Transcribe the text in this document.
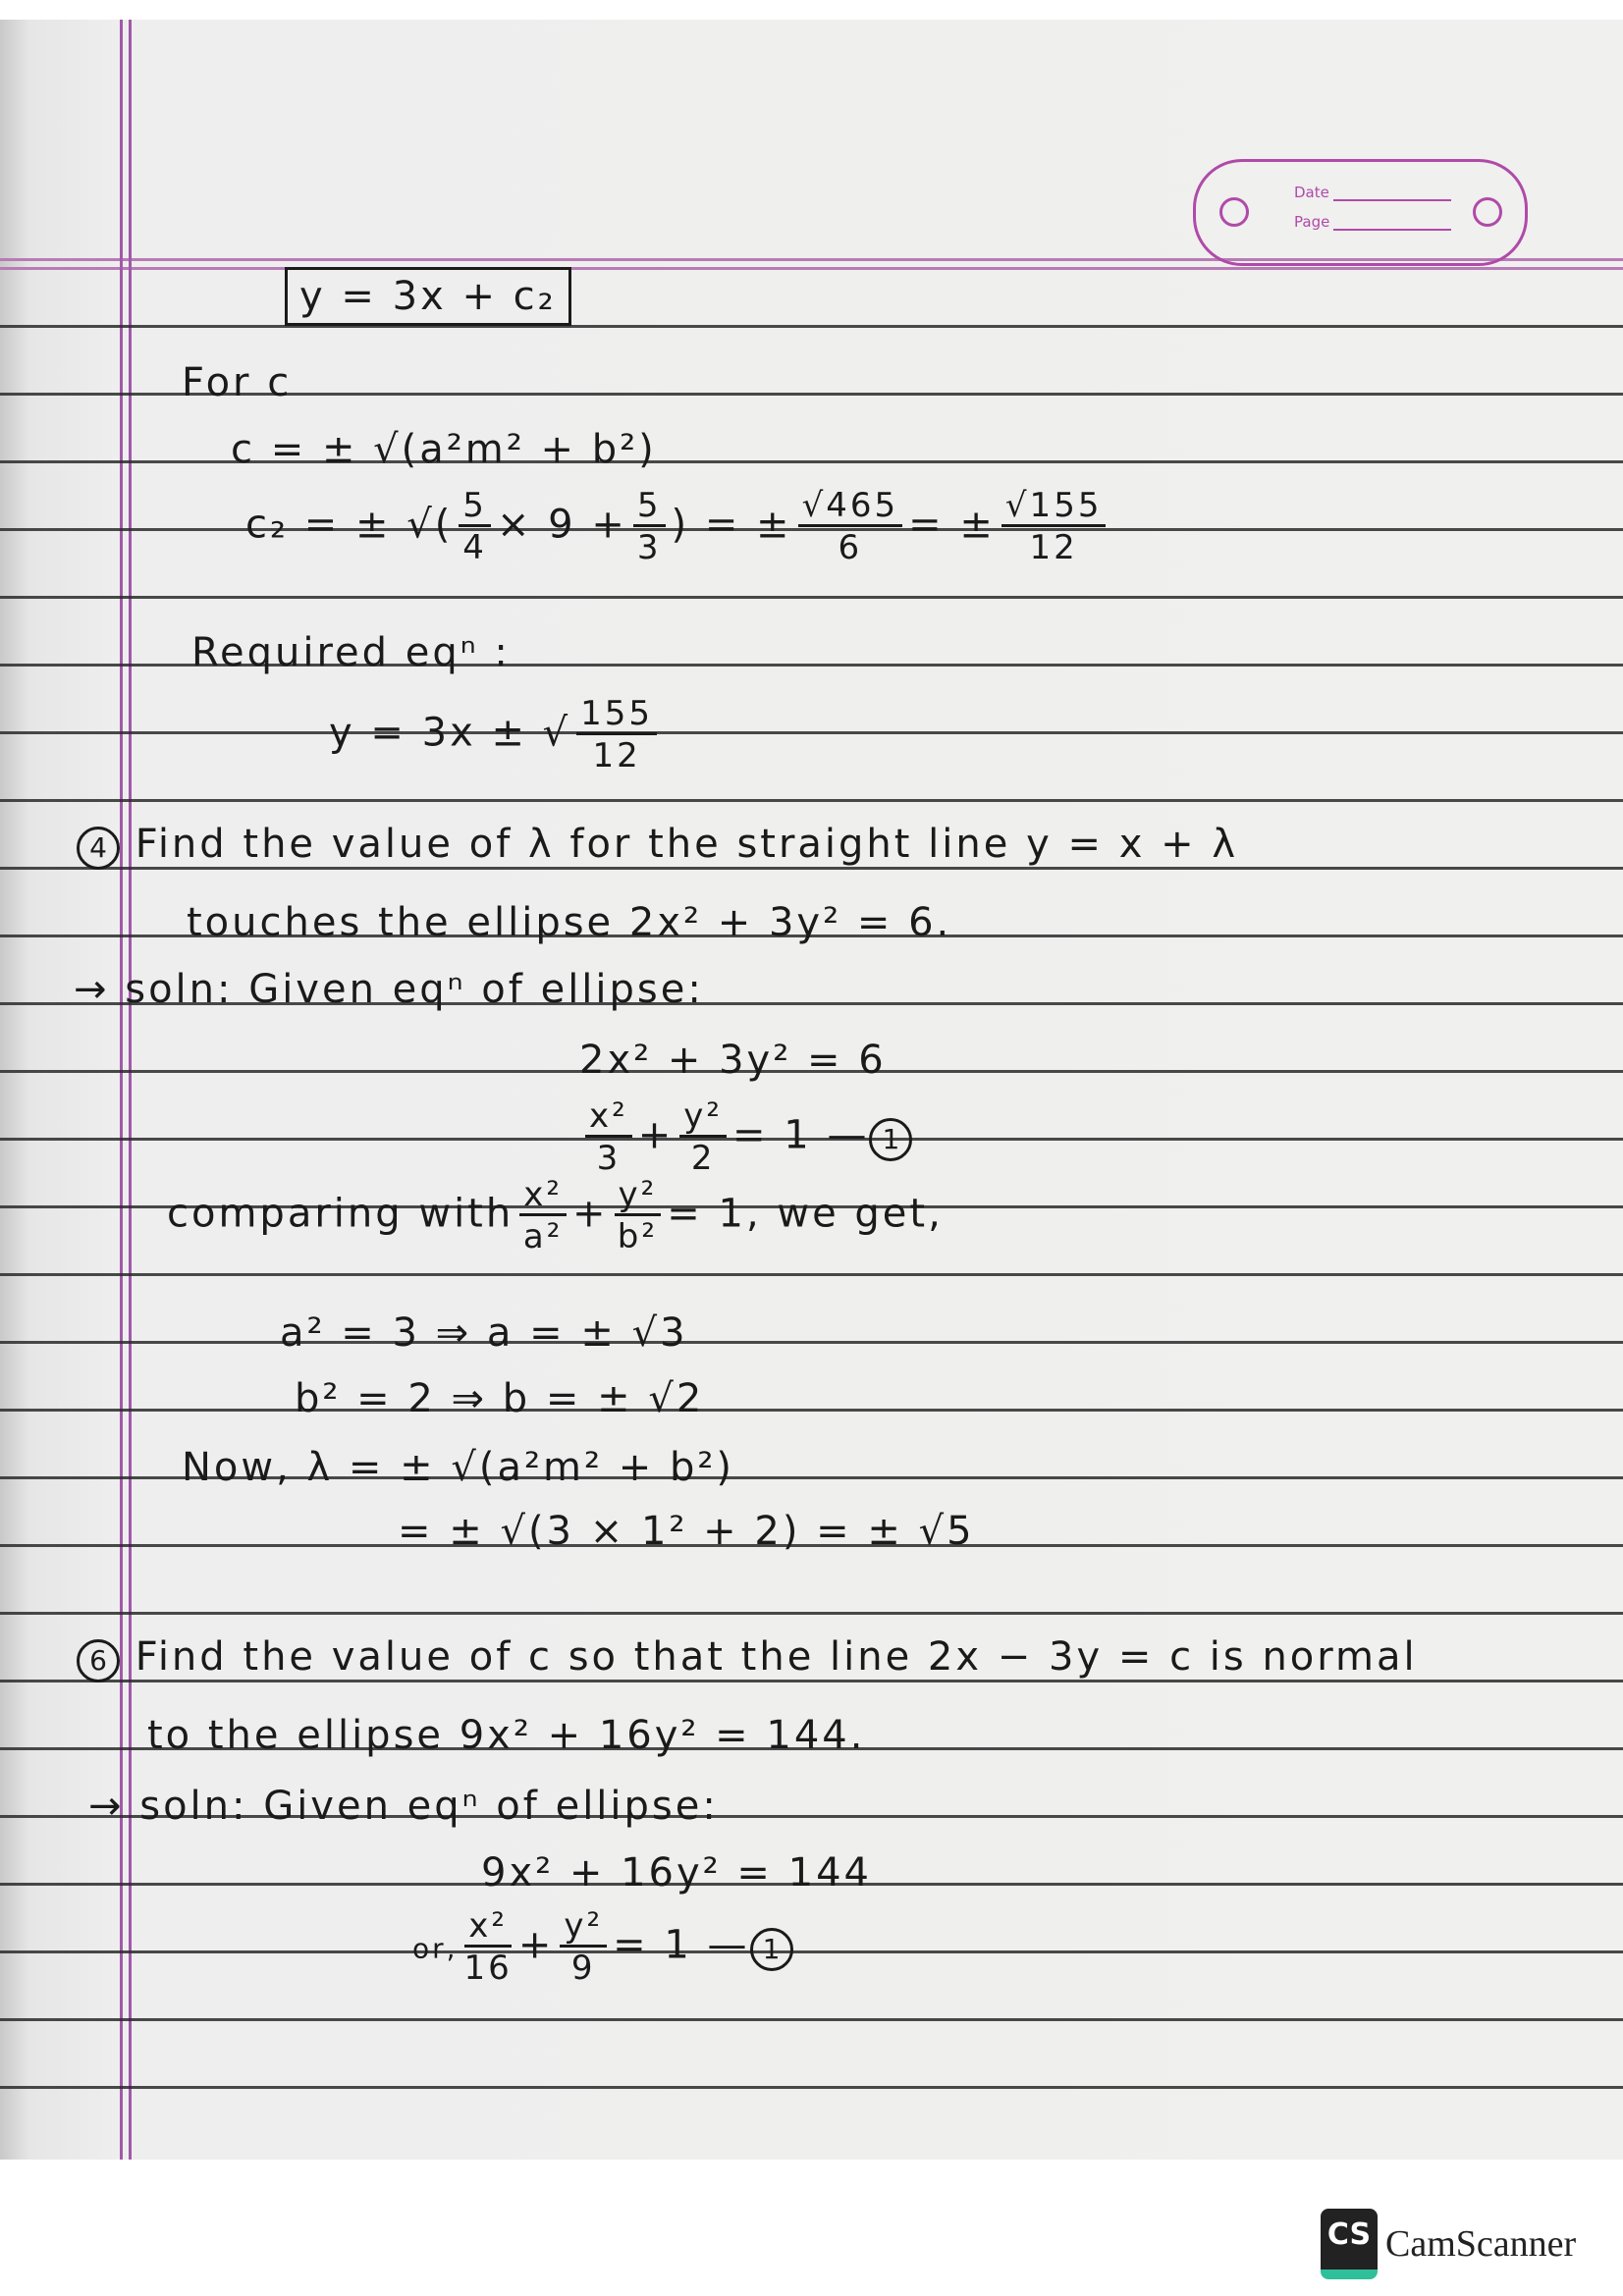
Date
Page
y = 3x + c₂
For c
c = ± √(a²m² + b²)
c₂ = ± √( $\frac{5}{4} \times 9 + \frac{5}{3}$ ) = ± $\frac{√465}{6}$ = ± $\frac{√155}{12}$
Required eqⁿ :
y = 3x ± √ $\frac{155}{12}$
4 Find the value of λ for the straight line y = x + λ
touches the ellipse 2x² + 3y² = 6.
→ soln: Given eqⁿ of ellipse:
2x² + 3y² = 6
$\frac{\text{x²}}{3} + \frac{\text{y²}}{2} = 1$ — 1
comparing with $\frac{\text{x²}}{\text{a²}} + \frac{\text{y²}}{\text{b²}} = 1$, we get,
a² = 3 ⇒ a = ± √3
b² = 2 ⇒ b = ± √2
Now, λ = ± √(a²m² + b²)
= ± √(3 × 1² + 2) = ± √5
6 Find the value of c so that the line 2x − 3y = c is normal
to the ellipse 9x² + 16y² = 144.
→ soln: Given eqⁿ of ellipse:
9x² + 16y² = 144
or, $\frac{\text{x²}}{16} + \frac{\text{y²}}{9} = 1$ — 1
CS CamScanner
